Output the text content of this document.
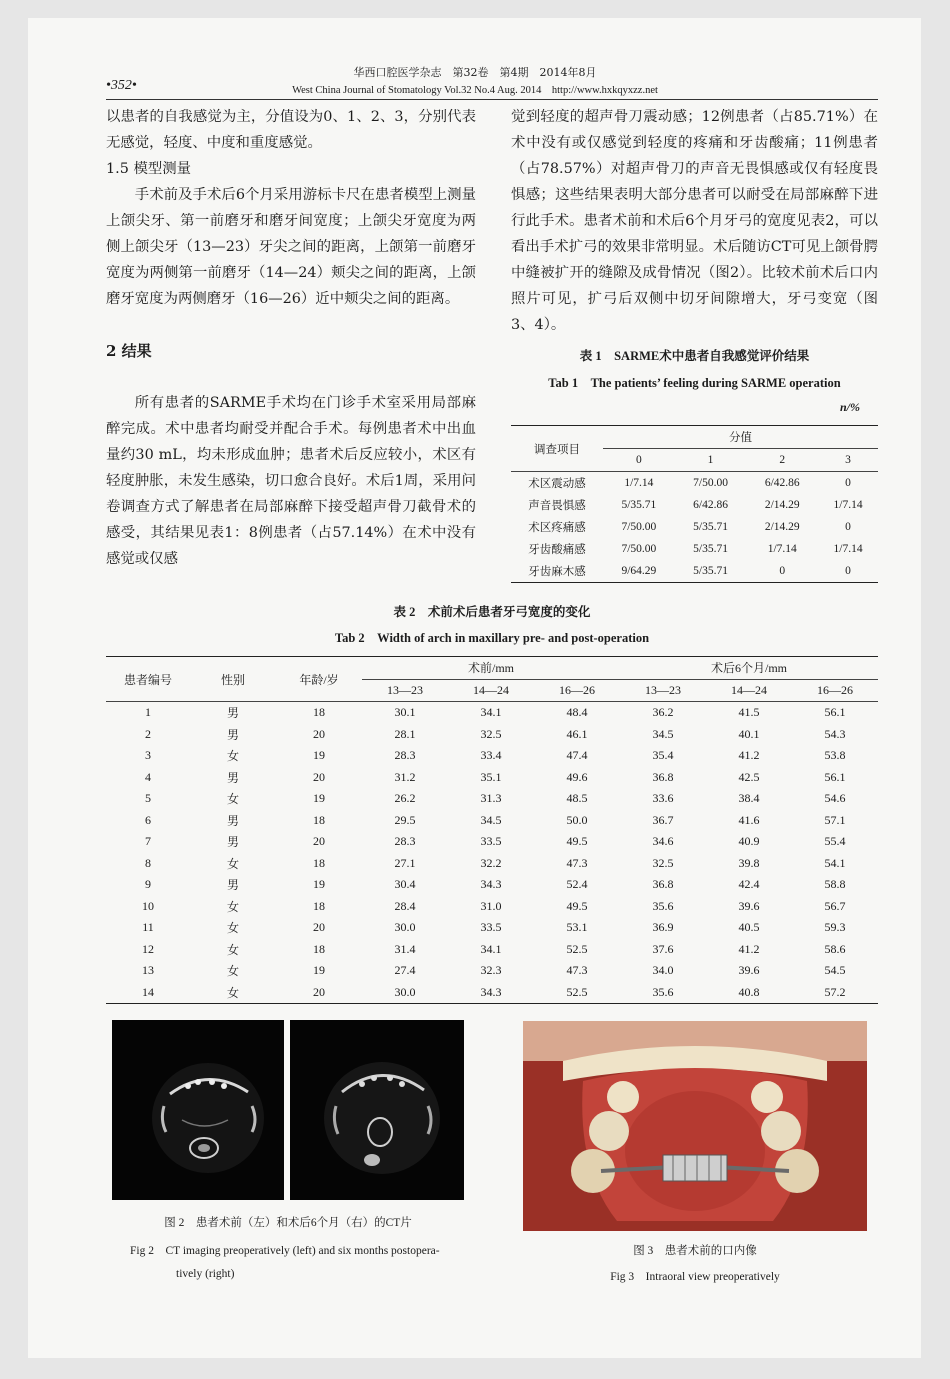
华西口腔医学杂志　第32卷　第4期　2014年8月
•352•	West China Journal of Stomatology Vol.32 No.4 Aug. 2014　http://www.hxkqyxzz.net

以患者的自我感觉为主，分值设为0、1、2、3，分别代表无感觉，轻度、中度和重度感觉。

1.5 模型测量

手术前及手术后6个月采用游标卡尺在患者模型上测量上颌尖牙、第一前磨牙和磨牙间宽度；上颌尖牙宽度为两侧上颌尖牙（13—23）牙尖之间的距离，上颌第一前磨牙宽度为两侧第一前磨牙（14—24）颊尖之间的距离，上颌磨牙宽度为两侧磨牙（16—26）近中颊尖之间的距离。

2 结果

所有患者的SARME手术均在门诊手术室采用局部麻醉完成。术中患者均耐受并配合手术。每例患者术中出血量约30 mL，均未形成血肿；患者术后反应较小，术区有轻度肿胀，未发生感染，切口愈合良好。术后1周，采用问卷调查方式了解患者在局部麻醉下接受超声骨刀截骨术的感受，其结果见表1：8例患者（占57.14%）在术中没有感觉或仅感

觉到轻度的超声骨刀震动感；12例患者（占85.71%）在术中没有或仅感觉到轻度的疼痛和牙齿酸痛；11例患者（占78.57%）对超声骨刀的声音无畏惧感或仅有轻度畏惧感；这些结果表明大部分患者可以耐受在局部麻醉下进行此手术。患者术前和术后6个月牙弓的宽度见表2，可以看出手术扩弓的效果非常明显。术后随访CT可见上颌骨腭中缝被扩开的缝隙及成骨情况（图2）。比较术前术后口内照片可见，扩弓后双侧中切牙间隙增大，牙弓变宽（图3、4）。

表 1　SARME术中患者自我感觉评价结果
Tab 1　The patients’ feeling during SARME operation
n/%
调查项目	分值			
	0	1	2	3
术区震动感	1/7.14	7/50.00	6/42.86	0
声音畏惧感	5/35.71	6/42.86	2/14.29	1/7.14
术区疼痛感	7/50.00	5/35.71	2/14.29	0
牙齿酸痛感	7/50.00	5/35.71	1/7.14	1/7.14
牙齿麻木感	9/64.29	5/35.71	0	0
表 2　术前术后患者牙弓宽度的变化
Tab 2　Width of arch in maxillary pre- and post-operation
患者编号	性别	年龄/岁	术前/mm			术后6个月/mm		
			13—23	14—24	16—26	13—23	14—24	16—26
1	男	18	30.1	34.1	48.4	36.2	41.5	56.1
2	男	20	28.1	32.5	46.1	34.5	40.1	54.3
3	女	19	28.3	33.4	47.4	35.4	41.2	53.8
4	男	20	31.2	35.1	49.6	36.8	42.5	56.1
5	女	19	26.2	31.3	48.5	33.6	38.4	54.6
6	男	18	29.5	34.5	50.0	36.7	41.6	57.1
7	男	20	28.3	33.5	49.5	34.6	40.9	55.4
8	女	18	27.1	32.2	47.3	32.5	39.8	54.1
9	男	19	30.4	34.3	52.4	36.8	42.4	58.8
10	女	18	28.4	31.0	49.5	35.6	39.6	56.7
11	女	20	30.0	33.5	53.1	36.9	40.5	59.3
12	女	18	31.4	34.1	52.5	37.6	41.2	58.6
13	女	19	27.4	32.3	47.3	34.0	39.6	54.5
14	女	20	30.0	34.3	52.5	35.6	40.8	57.2
图 2　患者术前（左）和术后6个月（右）的CT片
Fig 2　CT imaging preoperatively (left) and six months postopera-
tively (right)
图 3　患者术前的口内像
Fig 3　Intraoral view preoperatively
